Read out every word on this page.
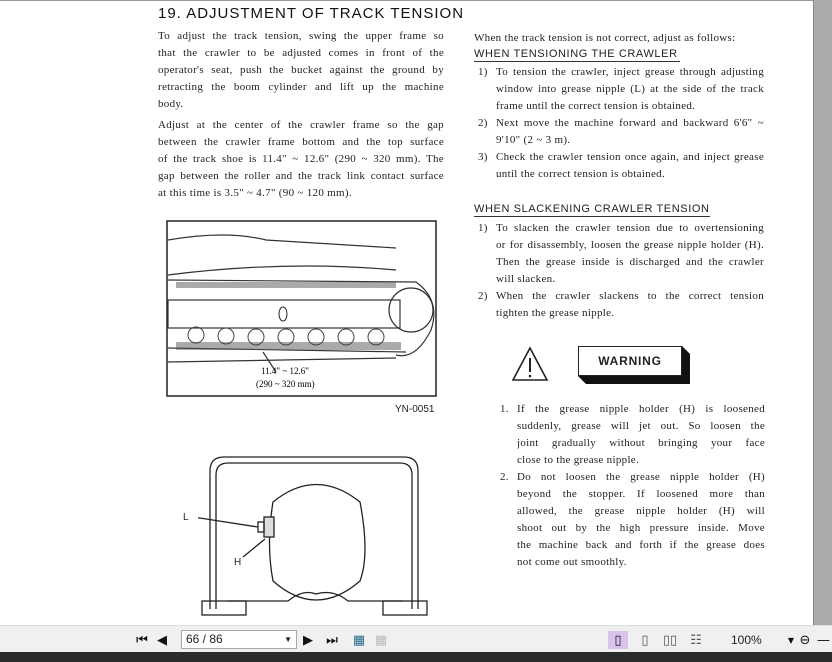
19. ADJUSTMENT OF TRACK TENSION
To adjust the track tension, swing the upper frame so
that the crawler to be adjusted comes in front of the
operator's seat, push the bucket against the ground by
retracting the boom cylinder and lift up the machine
body.
Adjust at the center of the crawler frame so the gap
between the crawler frame bottom and the top surface
of the track shoe is 11.4" ~ 12.6" (290 ~ 320 mm). The
gap between the roller and the track link contact surface
at this time is 3.5" ~ 4.7" (90 ~ 120 mm).
When the track tension is not correct, adjust as follows:
WHEN TENSIONING THE CRAWLER
1) To tension the crawler, inject grease through adjusting
window into grease nipple (L) at the side of the track
frame until the correct tension is obtained.
2) Next move the machine forward and backward 6'6" ~
9'10" (2 ~ 3 m).
3) Check the crawler tension once again, and inject grease
until the correct tension is obtained.
WHEN SLACKENING CRAWLER TENSION
1) To slacken the crawler tension due to overtensioning
or for disassembly, loosen the grease nipple holder (H).
Then the grease inside is discharged and the crawler
will slacken.
2) When the crawler slackens to the correct tension
tighten the grease nipple.
WARNING
1. If the grease nipple holder (H) is loosened
suddenly, grease will jet out. So loosen the
joint gradually without bringing your face
close to the grease nipple.
2. Do not loosen the grease nipple holder (H)
beyond the stopper. If loosened more than
allowed, the grease nipple holder (H) will
shoot out by the high pressure inside. Move
the machine back and forth if the grease does
not come out smoothly.
11.4" ~ 12.6"
(290 ~ 320 mm)
YN-0051
L
H
⏮ ◀	66 / 86	▼ ▶ ⏭ ▦ ▦	▯	▯	▯▯ ☷ 100%	▼ ⊖ —
